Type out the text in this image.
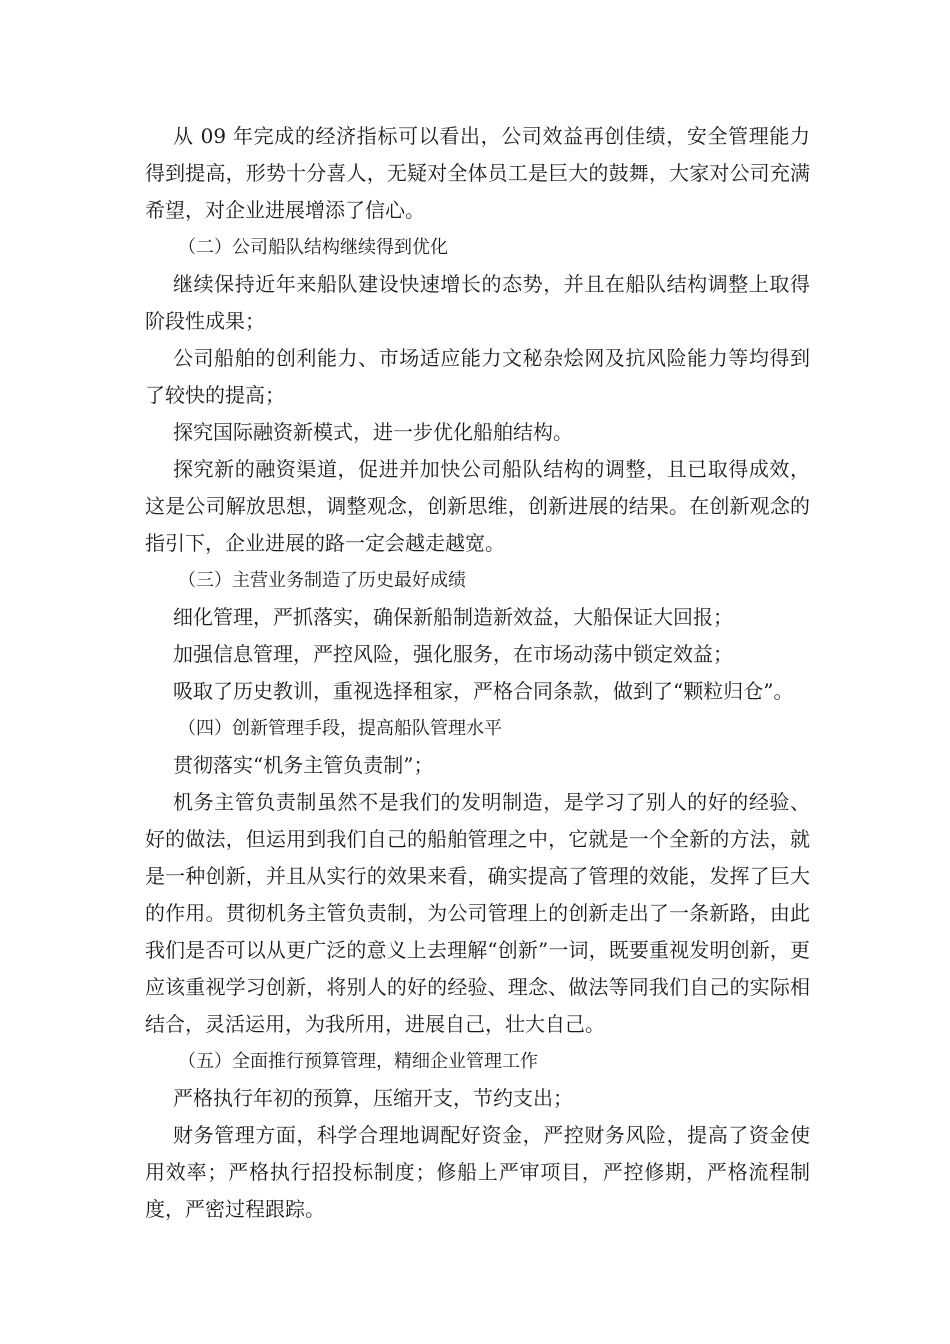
从 09 年完成的经济指标可以看出，公司效益再创佳绩，安全管理能力得到提高，形势十分喜人，无疑对全体员工是巨大的鼓舞，大家对公司充满希望，对企业进展增添了信心。

（二）公司船队结构继续得到优化

继续保持近年来船队建设快速增长的态势，并且在船队结构调整上取得阶段性成果；

公司船舶的创利能力、市场适应能力文秘杂烩网及抗风险能力等均得到了较快的提高；

探究国际融资新模式，进一步优化船舶结构。

探究新的融资渠道，促进并加快公司船队结构的调整，且已取得成效，这是公司解放思想，调整观念，创新思维，创新进展的结果。在创新观念的指引下，企业进展的路一定会越走越宽。

（三）主营业务制造了历史最好成绩

细化管理，严抓落实，确保新船制造新效益，大船保证大回报；

加强信息管理，严控风险，强化服务，在市场动荡中锁定效益；

吸取了历史教训，重视选择租家，严格合同条款，做到了“颗粒归仓”。

（四）创新管理手段，提高船队管理水平

贯彻落实“机务主管负责制”；

机务主管负责制虽然不是我们的发明制造，是学习了别人的好的经验、好的做法，但运用到我们自己的船舶管理之中，它就是一个全新的方法，就是一种创新，并且从实行的效果来看，确实提高了管理的效能，发挥了巨大的作用。贯彻机务主管负责制，为公司管理上的创新走出了一条新路，由此我们是否可以从更广泛的意义上去理解“创新”一词，既要重视发明创新，更应该重视学习创新，将别人的好的经验、理念、做法等同我们自己的实际相结合，灵活运用，为我所用，进展自己，壮大自己。

（五）全面推行预算管理，精细企业管理工作

严格执行年初的预算，压缩开支，节约支出；

财务管理方面，科学合理地调配好资金，严控财务风险，提高了资金使用效率；严格执行招投标制度；修船上严审项目，严控修期，严格流程制度，严密过程跟踪。
